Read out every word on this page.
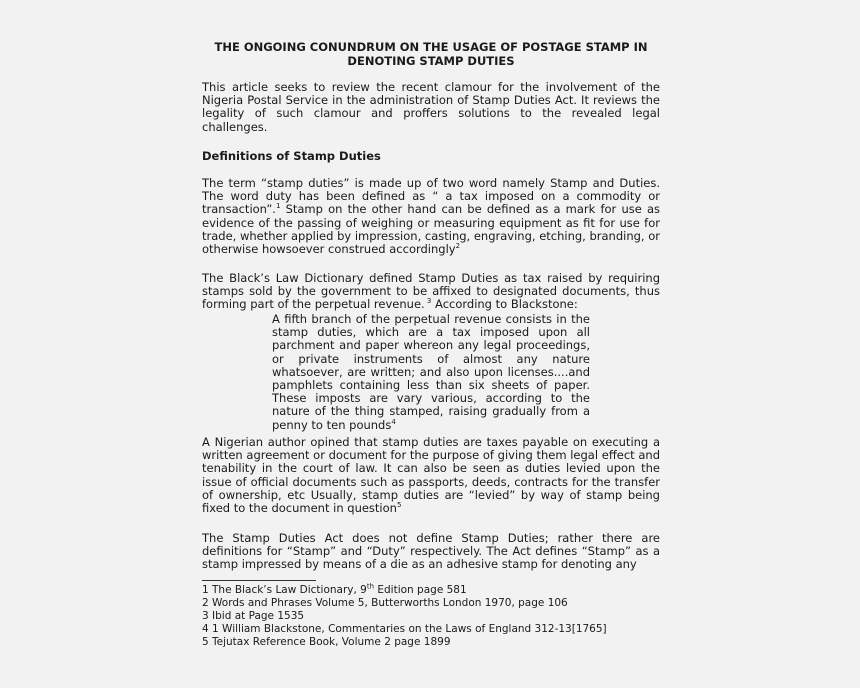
THE ONGOING CONUNDRUM ON THE USAGE OF POSTAGE STAMP IN
DENOTING STAMP DUTIES
This article seeks to review the recent clamour for the involvement of the Nigeria Postal Service in the administration of Stamp Duties Act. It reviews the legality of such clamour and proffers solutions to the revealed legal challenges.
Definitions of Stamp Duties
The term “stamp duties” is made up of two word namely Stamp and Duties. The word duty has been defined as “ a tax imposed on a commodity or transaction”.$^1$ Stamp on the other hand can be defined as a mark for use as evidence of the passing of weighing or measuring equipment as fit for use for trade, whether applied by impression, casting, engraving, etching, branding, or otherwise howsoever construed accordingly$^2$
The Black’s Law Dictionary defined Stamp Duties as tax raised by requiring stamps sold by the government to be affixed to designated documents, thus forming part of the perpetual revenue. $^3$ According to Blackstone:
A fifth branch of the perpetual revenue consists in the stamp duties, which are a tax imposed upon all parchment and paper whereon any legal proceedings, or private instruments of almost any nature whatsoever, are written; and also upon licenses....and pamphlets containing less than six sheets of paper. These imposts are vary various, according to the nature of the thing stamped, raising gradually from a penny to ten pounds$^4$
A Nigerian author opined that stamp duties are taxes payable on executing a written agreement or document for the purpose of giving them legal effect and tenability in the court of law. It can also be seen as duties levied upon the issue of official documents such as passports, deeds, contracts for the transfer of ownership, etc Usually, stamp duties are “levied” by way of stamp being fixed to the document in question$^5$
The Stamp Duties Act does not define Stamp Duties; rather there are definitions for “Stamp” and “Duty” respectively. The Act defines “Stamp” as a stamp impressed by means of a die as an adhesive stamp for denoting any
1 The Black’s Law Dictionary, 9th Edition page 581
2 Words and Phrases Volume 5, Butterworths London 1970, page 106
3 Ibid at Page 1535
4 1 William Blackstone, Commentaries on the Laws of England 312-13[1765]
5 Tejutax Reference Book, Volume 2 page 1899
